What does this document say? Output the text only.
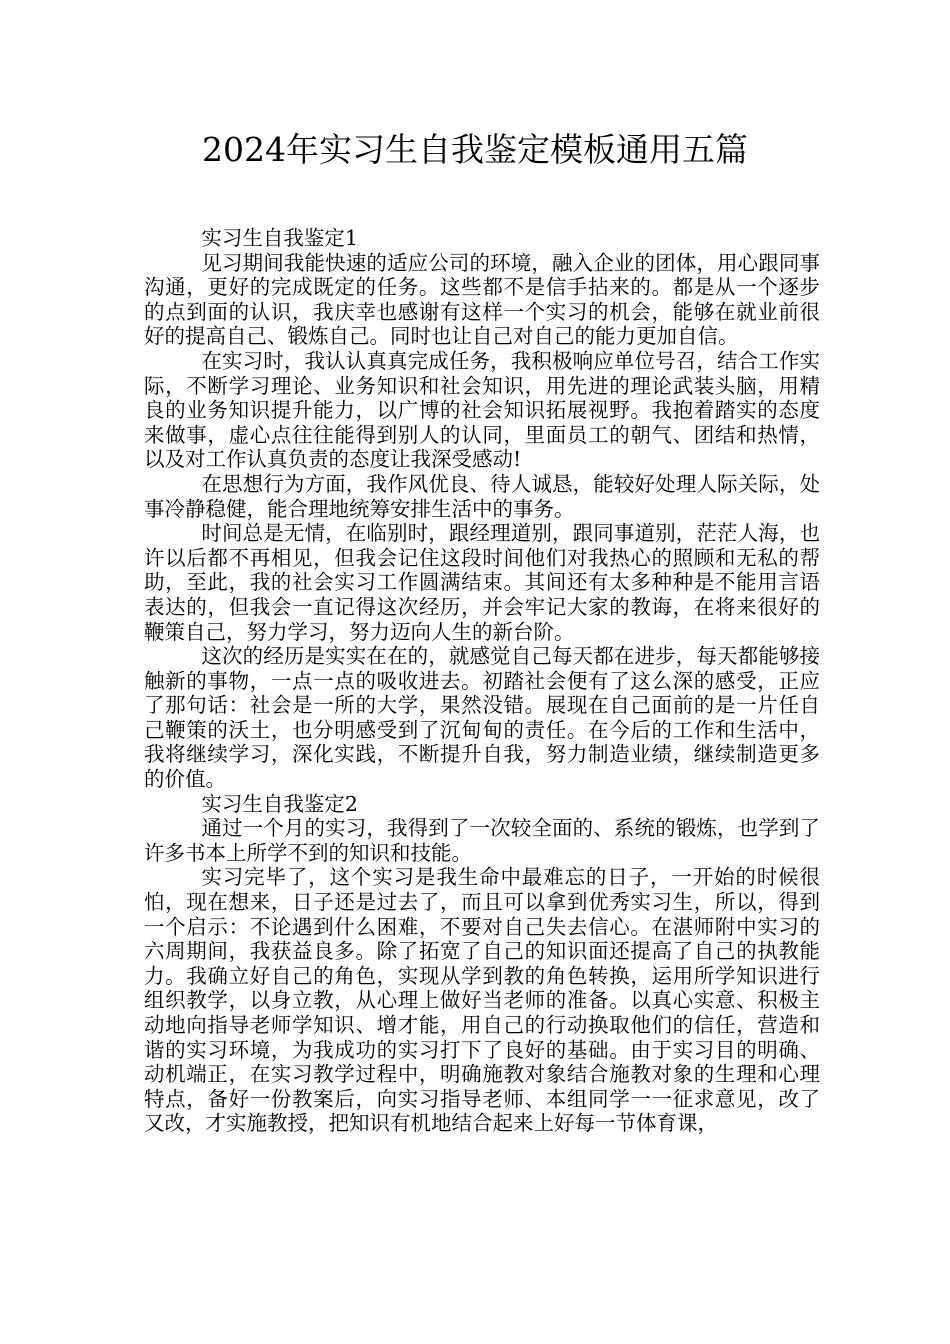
2024年实习生自我鉴定模板通用五篇

实习生自我鉴定1

见习期间我能快速的适应公司的环境，融入企业的团体，用心跟同事沟通，更好的完成既定的任务。这些都不是信手拈来的。都是从一个逐步的点到面的认识，我庆幸也感谢有这样一个实习的机会，能够在就业前很好的提高自己、锻炼自己。同时也让自己对自己的能力更加自信。

在实习时，我认认真真完成任务，我积极响应单位号召，结合工作实际，不断学习理论、业务知识和社会知识，用先进的理论武装头脑，用精良的业务知识提升能力，以广博的社会知识拓展视野。我抱着踏实的态度来做事，虚心点往往能得到别人的认同，里面员工的朝气、团结和热情，以及对工作认真负责的态度让我深受感动!

在思想行为方面，我作风优良、待人诚恳，能较好处理人际关际，处事冷静稳健，能合理地统筹安排生活中的事务。

时间总是无情，在临别时，跟经理道别，跟同事道别，茫茫人海，也许以后都不再相见，但我会记住这段时间他们对我热心的照顾和无私的帮助，至此，我的社会实习工作圆满结束。其间还有太多种种是不能用言语表达的，但我会一直记得这次经历，并会牢记大家的教诲，在将来很好的鞭策自己，努力学习，努力迈向人生的新台阶。

这次的经历是实实在在的，就感觉自己每天都在进步，每天都能够接触新的事物，一点一点的吸收进去。初踏社会便有了这么深的感受，正应了那句话：社会是一所的大学，果然没错。展现在自己面前的是一片任自己鞭策的沃土，也分明感受到了沉甸甸的责任。在今后的工作和生活中，我将继续学习，深化实践，不断提升自我，努力制造业绩，继续制造更多的价值。

实习生自我鉴定2

通过一个月的实习，我得到了一次较全面的、系统的锻炼，也学到了许多书本上所学不到的知识和技能。

实习完毕了，这个实习是我生命中最难忘的日子，一开始的时候很怕，现在想来，日子还是过去了，而且可以拿到优秀实习生，所以，得到一个启示：不论遇到什么困难，不要对自己失去信心。在湛师附中实习的六周期间，我获益良多。除了拓宽了自己的知识面还提高了自己的执教能力。我确立好自己的角色，实现从学到教的角色转换，运用所学知识进行组织教学，以身立教，从心理上做好当老师的准备。以真心实意、积极主动地向指导老师学知识、增才能，用自己的行动换取他们的信任，营造和谐的实习环境，为我成功的实习打下了良好的基础。由于实习目的明确、动机端正，在实习教学过程中，明确施教对象结合施教对象的生理和心理特点，备好一份教案后，向实习指导老师、本组同学一一征求意见，改了又改，才实施教授，把知识有机地结合起来上好每一节体育课，
